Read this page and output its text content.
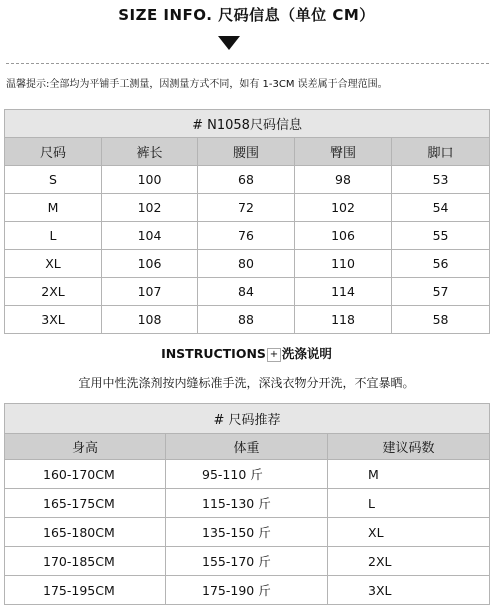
SIZE INFO. 尺码信息（单位 CM）
温馨提示:全部均为平铺手工测量，因测量方式不同，如有 1-3CM 误差属于合理范围。
# N1058尺码信息				
尺码	裤长	腰围	臀围	脚口
S	100	68	98	53
M	102	72	102	54
L	104	76	106	55
XL	106	80	110	56
2XL	107	84	114	57
3XL	108	88	118	58
INSTRUCTIONS + 洗涤说明
宜用中性洗涤剂按内缝标准手洗，深浅衣物分开洗，不宜暴晒。
# 尺码推荐		
身高	体重	建议码数
160-170CM	95-110 斤	M
165-175CM	115-130 斤	L
165-180CM	135-150 斤	XL
170-185CM	155-170 斤	2XL
175-195CM	175-190 斤	3XL
